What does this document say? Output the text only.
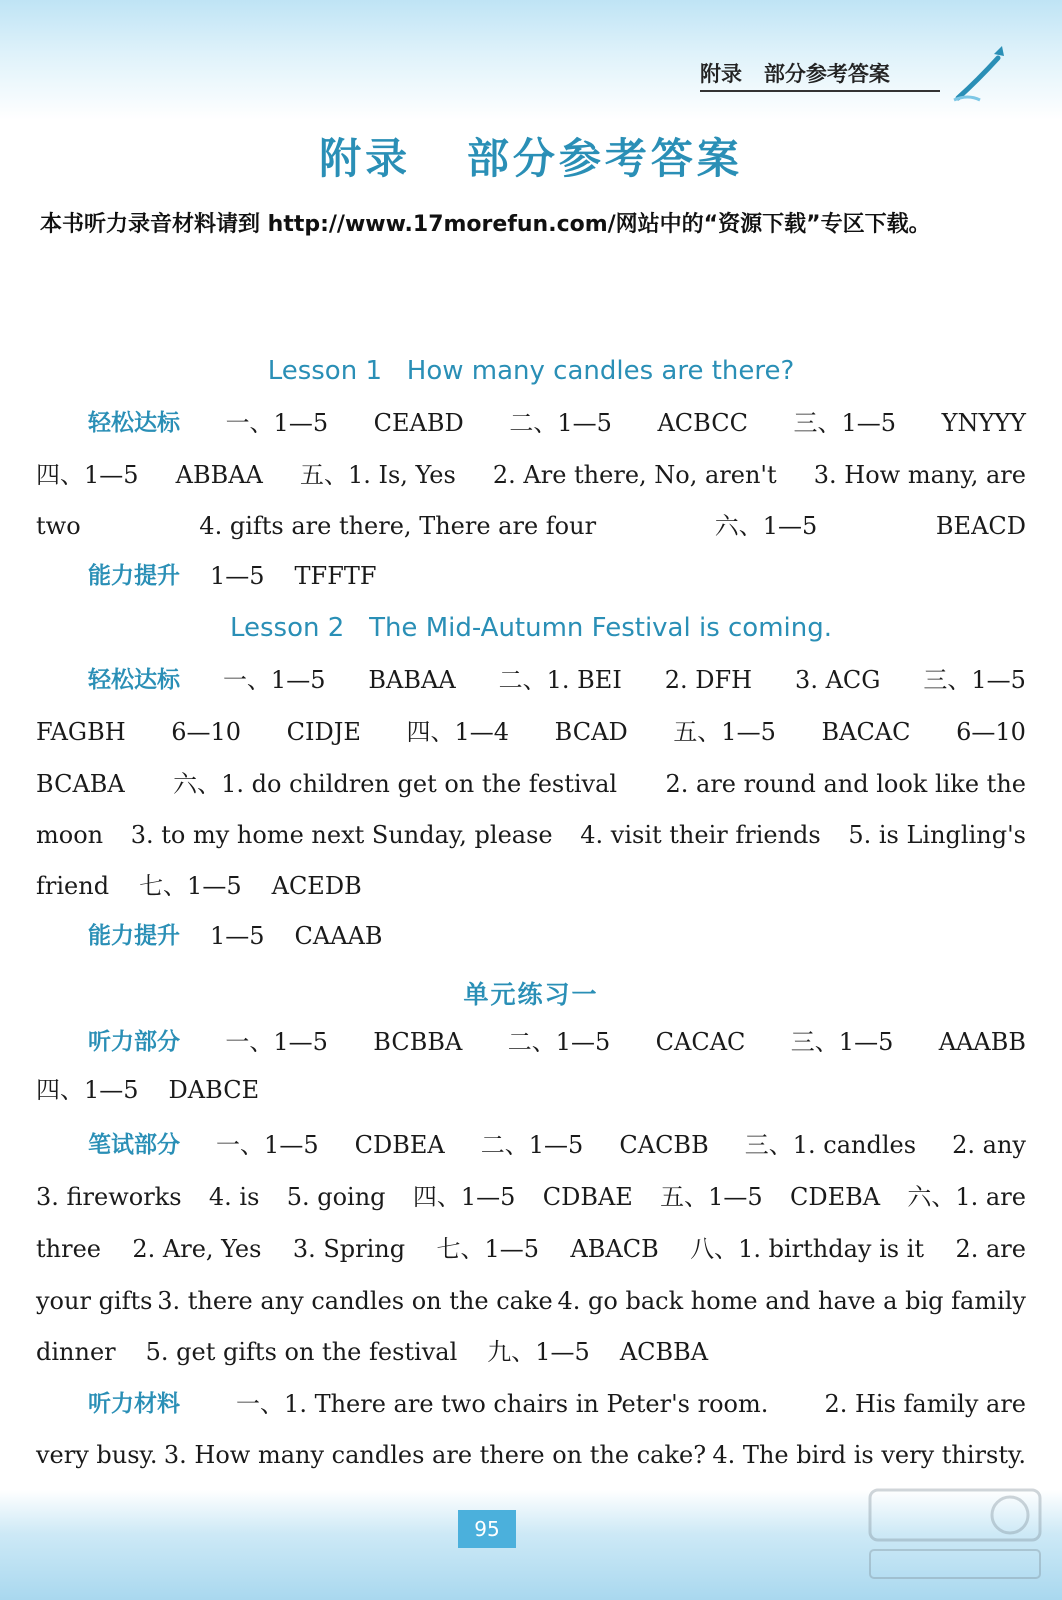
附录   部分参考答案
附录   部分参考答案
本书听力录音材料请到 http://www.17morefun.com/网站中的“资源下载”专区下载。
Lesson 1   How many candles are there?
轻松达标 一、1—5 CEABD 二、1—5 ACBCC 三、1—5 YNYYY
四、1—5 ABBAA 五、1. Is, Yes 2. Are there, No, aren't 3. How many, are
two	4. gifts are there, There are four	六、1—5	BEACD
能力提升 1—5 TFFTF
Lesson 2   The Mid-Autumn Festival is coming.
轻松达标 一、1—5 BABAA 二、1. BEI 2. DFH 3. ACG 三、1—5
FAGBH 6—10 CIDJE 四、1—4 BCAD 五、1—5 BACAC 6—10
BCABA 六、1. do children get on the festival 2. are round and look like the
moon 3. to my home next Sunday, please 4. visit their friends 5. is Lingling's
friend 七、1—5 ACEDB
能力提升 1—5 CAAAB
单元练习一
听力部分 一、1—5 BCBBA 二、1—5 CACAC 三、1—5 AAABB
四、1—5 DABCE
笔试部分 一、1—5 CDBEA 二、1—5 CACBB 三、1. candles 2. any
3. fireworks 4. is 5. going 四、1—5 CDBAE 五、1—5 CDEBA 六、1. are
three 2. Are, Yes 3. Spring 七、1—5 ABACB 八、1. birthday is it 2. are
your gifts 3. there any candles on the cake 4. go back home and have a big family
dinner 5. get gifts on the festival 九、1—5 ACBBA
听力材料 一、1. There are two chairs in Peter's room. 2. His family are
very busy. 3. How many candles are there on the cake? 4. The bird is very thirsty.
95
